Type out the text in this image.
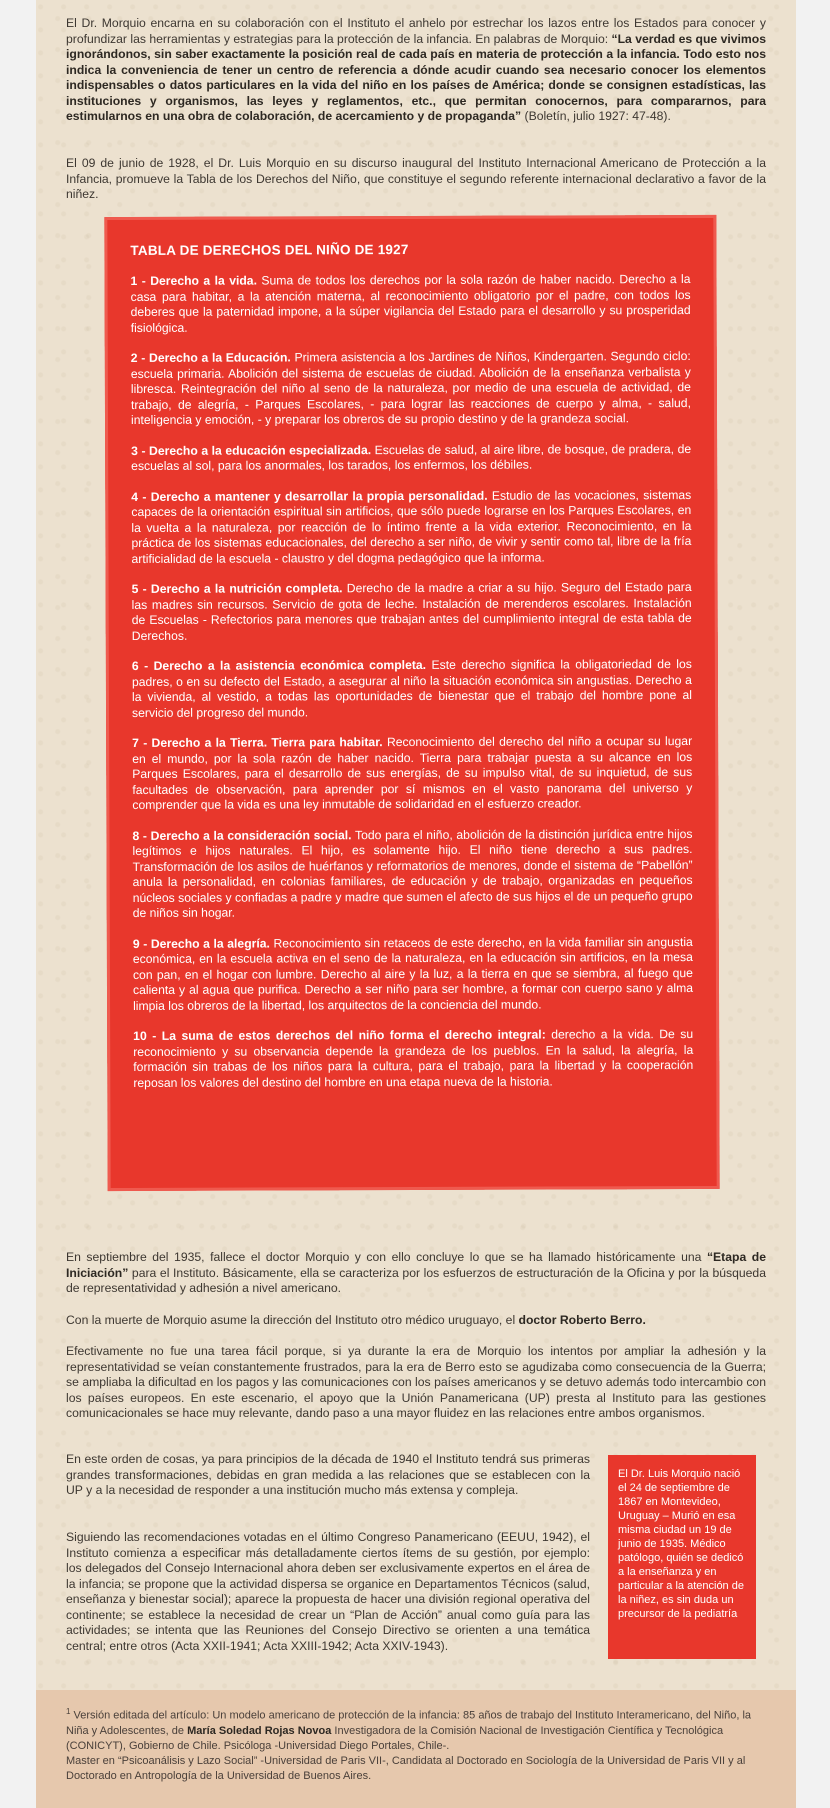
El Dr. Morquio encarna en su colaboración con el Instituto el anhelo por estrechar los lazos entre los Estados para conocer y profundizar las herramientas y estrategias para la protección de la infancia. En palabras de Morquio: “La verdad es que vivimos ignorándonos, sin saber exactamente la posición real de cada país en materia de protección a la infancia. Todo esto nos indica la conveniencia de tener un centro de referencia a dónde acudir cuando sea necesario conocer los elementos indispensables o datos particulares en la vida del niño en los países de América; donde se consignen estadísticas, las instituciones y organismos, las leyes y reglamentos, etc., que permitan conocernos, para compararnos, para estimularnos en una obra de colaboración, de acercamiento y de propaganda” (Boletín, julio 1927: 47-48).

El 09 de junio de 1928, el Dr. Luis Morquio en su discurso inaugural del Instituto Internacional Americano de Protección a la Infancia, promueve la Tabla de los Derechos del Niño, que constituye el segundo referente internacional declarativo a favor de la niñez.

TABLA DE DERECHOS DEL NIÑO DE 1927

1 - Derecho a la vida. Suma de todos los derechos por la sola razón de haber nacido. Derecho a la casa para habitar, a la atención materna, al reconocimiento obligatorio por el padre, con todos los deberes que la paternidad impone, a la súper vigilancia del Estado para el desarrollo y su prosperidad fisiológica.

2 - Derecho a la Educación. Primera asistencia a los Jardines de Niños, Kindergarten. Segundo ciclo: escuela primaria. Abolición del sistema de escuelas de ciudad. Abolición de la enseñanza verbalista y libresca. Reintegración del niño al seno de la naturaleza, por medio de una escuela de actividad, de trabajo, de alegría, - Parques Escolares, - para lograr las reacciones de cuerpo y alma, - salud, inteligencia y emoción, - y preparar los obreros de su propio destino y de la grandeza social.

3 - Derecho a la educación especializada. Escuelas de salud, al aire libre, de bosque, de pradera, de escuelas al sol, para los anormales, los tarados, los enfermos, los débiles.

4 - Derecho a mantener y desarrollar la propia personalidad. Estudio de las vocaciones, sistemas capaces de la orientación espiritual sin artificios, que sólo puede lograrse en los Parques Escolares, en la vuelta a la naturaleza, por reacción de lo íntimo frente a la vida exterior. Reconocimiento, en la práctica de los sistemas educacionales, del derecho a ser niño, de vivir y sentir como tal, libre de la fría artificialidad de la escuela - claustro y del dogma pedagógico que la informa.

5 - Derecho a la nutrición completa. Derecho de la madre a criar a su hijo. Seguro del Estado para las madres sin recursos. Servicio de gota de leche. Instalación de merenderos escolares. Instalación de Escuelas - Refectorios para menores que trabajan antes del cumplimiento integral de esta tabla de Derechos.

6 - Derecho a la asistencia económica completa. Este derecho significa la obligatoriedad de los padres, o en su defecto del Estado, a asegurar al niño la situación económica sin angustias. Derecho a la vivienda, al vestido, a todas las oportunidades de bienestar que el trabajo del hombre pone al servicio del progreso del mundo.

7 - Derecho a la Tierra. Tierra para habitar. Reconocimiento del derecho del niño a ocupar su lugar en el mundo, por la sola razón de haber nacido. Tierra para trabajar puesta a su alcance en los Parques Escolares, para el desarrollo de sus energías, de su impulso vital, de su inquietud, de sus facultades de observación, para aprender por sí mismos en el vasto panorama del universo y comprender que la vida es una ley inmutable de solidaridad en el esfuerzo creador.

8 - Derecho a la consideración social. Todo para el niño, abolición de la distinción jurídica entre hijos legítimos e hijos naturales. El hijo, es solamente hijo. El niño tiene derecho a sus padres. Transformación de los asilos de huérfanos y reformatorios de menores, donde el sistema de “Pabellón” anula la personalidad, en colonias familiares, de educación y de trabajo, organizadas en pequeños núcleos sociales y confiadas a padre y madre que sumen el afecto de sus hijos el de un pequeño grupo de niños sin hogar.

9 - Derecho a la alegría. Reconocimiento sin retaceos de este derecho, en la vida familiar sin angustia económica, en la escuela activa en el seno de la naturaleza, en la educación sin artificios, en la mesa con pan, en el hogar con lumbre. Derecho al aire y la luz, a la tierra en que se siembra, al fuego que calienta y al agua que purifica. Derecho a ser niño para ser hombre, a formar con cuerpo sano y alma limpia los obreros de la libertad, los arquitectos de la conciencia del mundo.

10 - La suma de estos derechos del niño forma el derecho integral: derecho a la vida. De su reconocimiento y su observancia depende la grandeza de los pueblos. En la salud, la alegría, la formación sin trabas de los niños para la cultura, para el trabajo, para la libertad y la cooperación reposan los valores del destino del hombre en una etapa nueva de la historia.

En septiembre del 1935, fallece el doctor Morquio y con ello concluye lo que se ha llamado históricamente una “Etapa de Iniciación” para el Instituto. Básicamente, ella se caracteriza por los esfuerzos de estructuración de la Oficina y por la búsqueda de representatividad y adhesión a nivel americano.

Con la muerte de Morquio asume la dirección del Instituto otro médico uruguayo, el doctor Roberto Berro.

Efectivamente no fue una tarea fácil porque, si ya durante la era de Morquio los intentos por ampliar la adhesión y la representatividad se veían constantemente frustrados, para la era de Berro esto se agudizaba como consecuencia de la Guerra; se ampliaba la dificultad en los pagos y las comunicaciones con los países americanos y se detuvo además todo intercambio con los países europeos. En este escenario, el apoyo que la Unión Panamericana (UP) presta al Instituto para las gestiones comunicacionales se hace muy relevante, dando paso a una mayor fluidez en las relaciones entre ambos organismos.

En este orden de cosas, ya para principios de la década de 1940 el Instituto tendrá sus primeras grandes transformaciones, debidas en gran medida a las relaciones que se establecen con la UP y a la necesidad de responder a una institución mucho más extensa y compleja.

Siguiendo las recomendaciones votadas en el último Congreso Panamericano (EEUU, 1942), el Instituto comienza a especificar más detalladamente ciertos ítems de su gestión, por ejemplo: los delegados del Consejo Internacional ahora deben ser exclusivamente expertos en el área de la infancia; se propone que la actividad dispersa se organice en Departamentos Técnicos (salud, enseñanza y bienestar social); aparece la propuesta de hacer una división regional operativa del continente; se establece la necesidad de crear un “Plan de Acción” anual como guía para las actividades; se intenta que las Reuniones del Consejo Directivo se orienten a una temática central; entre otros (Acta XXII-1941; Acta XXIII-1942; Acta XXIV-1943).

El Dr. Luis Morquio nació el 24 de septiembre de 1867 en Montevideo, Uruguay – Murió en esa misma ciudad un 19 de junio de 1935. Médico patólogo, quién se dedicó a la enseñanza y en particular a la atención de la niñez, es sin duda un precursor de la pediatría

$^1$ Versión editada del artículo: Un modelo americano de protección de la infancia: 85 años de trabajo del Instituto Interamericano, del Niño, la Niña y Adolescentes, de María Soledad Rojas Novoa Investigadora de la Comisión Nacional de Investigación Científica y Tecnológica (CONICYT), Gobierno de Chile. Psicóloga -Universidad Diego Portales, Chile-.
Master en “Psicoanálisis y Lazo Social” -Universidad de Paris VII-, Candidata al Doctorado en Sociología de la Universidad de Paris VII y al Doctorado en Antropología de la Universidad de Buenos Aires.
